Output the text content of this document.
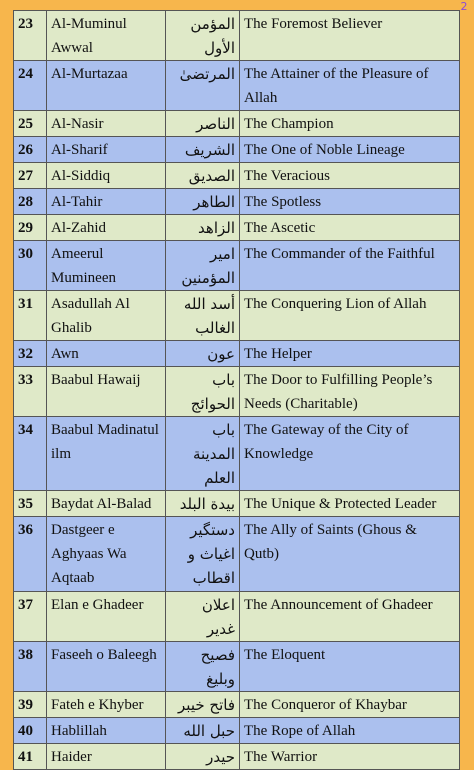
2
23	Al-Muminul Awwal	المؤمن الأول	The Foremost Believer
24	Al-Murtazaa	المرتضیٰ	The Attainer of the Pleasure of Allah
25	Al-Nasir	الناصر	The Champion
26	Al-Sharif	الشریف	The One of Noble Lineage
27	Al-Siddiq	الصدیق	The Veracious
28	Al-Tahir	الطاهر	The Spotless
29	Al-Zahid	الزاهد	The Ascetic
30	Ameerul Mumineen	امیر المؤمنین	The Commander of the Faithful
31	Asadullah Al Ghalib	أسد الله الغالب	The Conquering Lion of Allah
32	Awn	عون	The Helper
33	Baabul Hawaij	باب الحوائج	The Door to Fulfilling People’s Needs (Charitable)
34	Baabul Madinatul ilm	باب المدینة العلم	The Gateway of the City of Knowledge
35	Baydat Al-Balad	بیدة البلد	The Unique & Protected Leader
36	Dastgeer e Aghyaas Wa Aqtaab	دستگیر اغیاث و اقطاب	The Ally of Saints (Ghous & Qutb)
37	Elan e Ghadeer	اعلان غدیر	The Announcement of Ghadeer
38	Faseeh o Baleegh	فصیح وبلیغ	The Eloquent
39	Fateh e Khyber	فاتح خیبر	The Conqueror of Khaybar
40	Hablillah	حبل الله	The Rope of Allah
41	Haider	حیدر	The Warrior
